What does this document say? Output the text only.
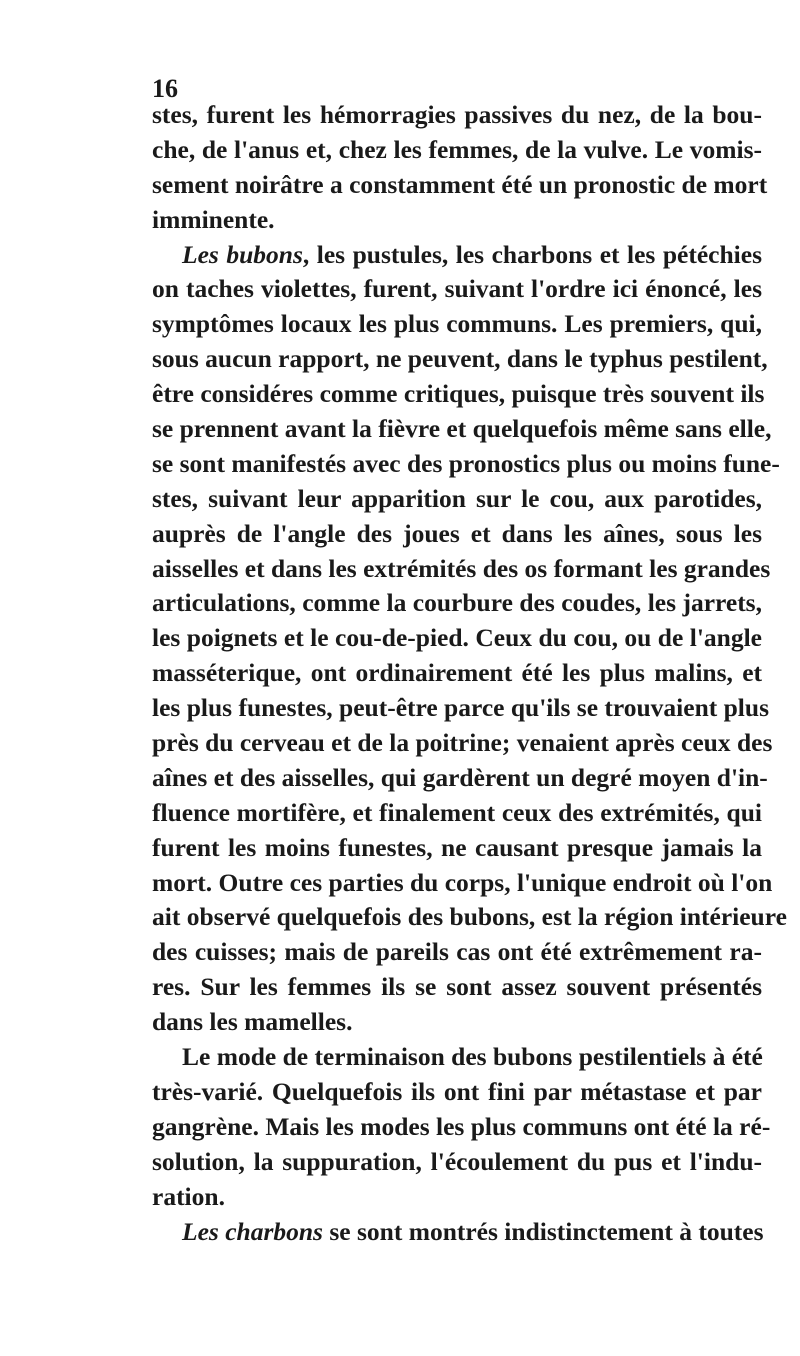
16
stes, furent les hémorragies passives du nez, de la bou-
che, de l'anus et, chez les femmes, de la vulve. Le vomis-
sement noirâtre a constamment été un pronostic de mort
imminente.
Les bubons, les pustules, les charbons et les pétéchies
on taches violettes, furent, suivant l'ordre ici énoncé, les
symptômes locaux les plus communs. Les premiers, qui,
sous aucun rapport, ne peuvent, dans le typhus pestilent,
être considéres comme critiques, puisque très souvent ils
se prennent avant la fièvre et quelquefois même sans elle,
se sont manifestés avec des pronostics plus ou moins fune-
stes, suivant leur apparition sur le cou, aux parotides,
auprès de l'angle des joues et dans les aînes, sous les
aisselles et dans les extrémités des os formant les grandes
articulations, comme la courbure des coudes, les jarrets,
les poignets et le cou-de-pied. Ceux du cou, ou de l'angle
masséterique, ont ordinairement été les plus malins, et
les plus funestes, peut-être parce qu'ils se trouvaient plus
près du cerveau et de la poitrine; venaient après ceux des
aînes et des aisselles, qui gardèrent un degré moyen d'in-
fluence mortifère, et finalement ceux des extrémités, qui
furent les moins funestes, ne causant presque jamais la
mort. Outre ces parties du corps, l'unique endroit où l'on
ait observé quelquefois des bubons, est la région intérieure
des cuisses; mais de pareils cas ont été extrêmement ra-
res. Sur les femmes ils se sont assez souvent présentés
dans les mamelles.
Le mode de terminaison des bubons pestilentiels à été
très-varié. Quelquefois ils ont fini par métastase et par
gangrène. Mais les modes les plus communs ont été la ré-
solution, la suppuration, l'écoulement du pus et l'indu-
ration.
Les charbons se sont montrés indistinctement à toutes
